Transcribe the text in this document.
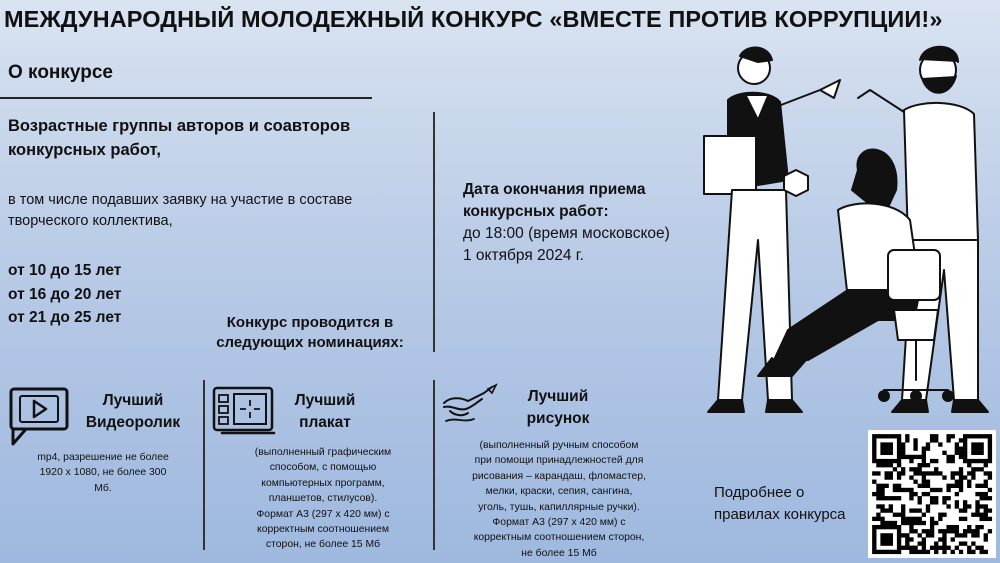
МЕЖДУНАРОДНЫЙ МОЛОДЕЖНЫЙ КОНКУРС «ВМЕСТЕ ПРОТИВ КОРРУПЦИИ!»
О конкурсе
Возрастные группы авторов и соавторов
конкурсных работ,
в том числе подавших заявку на участие в составе творческого коллектива,
от 10 до 15 лет
от 16 до 20 лет
от 21 до 25 лет
Дата окончания приема
конкурсных работ:
до 18:00 (время московское)
1 октября 2024 г.
Конкурс проводится в
следующих номинациях:
Лучший
Видеоролик
mp4, разрешение не более
1920 x 1080, не более 300
Мб.
Лучший
плакат
(выполненный графическим
способом, с помощью
компьютерных программ,
планшетов, стилусов).
Формат А3 (297 x 420 мм) с
корректным соотношением
сторон, не более 15 Мб
Лучший
рисунок
(выполненный ручным способом
при помощи принадлежностей для
рисования – карандаш, фломастер,
мелки, краски, сепия, сангина,
уголь, тушь, капиллярные ручки).
Формат А3 (297 x 420 мм) с
корректным соотношением сторон,
не более 15 Мб
Подробнее о
правилах конкурса
